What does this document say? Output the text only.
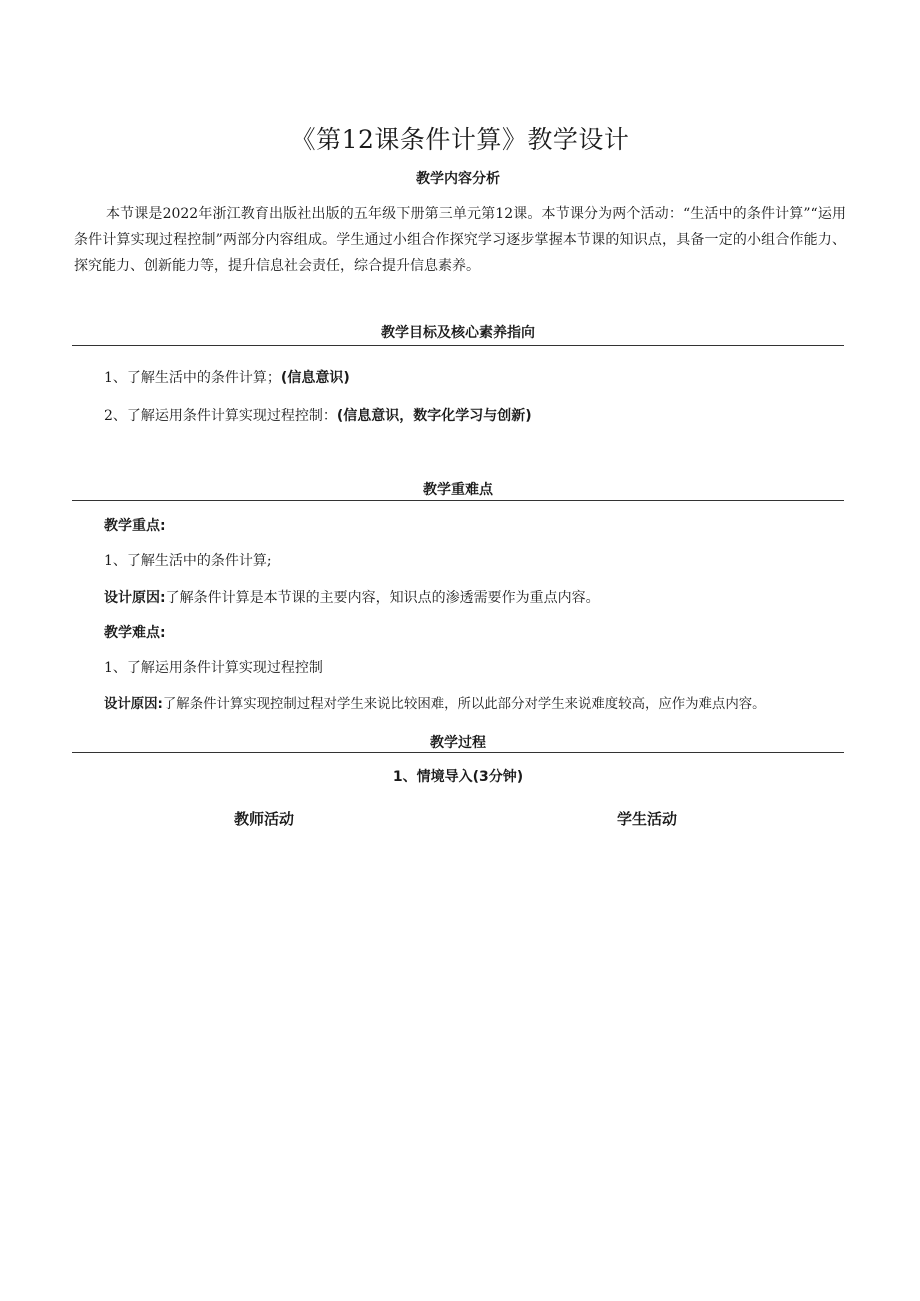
《第12课条件计算》教学设计
教学内容分析
本节课是2022年浙江教育出版社出版的五年级下册第三单元第12课。本节课分为两个活动：“生活中的条件计算”“运用条件计算实现过程控制”两部分内容组成。学生通过小组合作探究学习逐步掌握本节课的知识点，具备一定的小组合作能力、探究能力、创新能力等，提升信息社会责任，综合提升信息素养。
教学目标及核心素养指向
1、了解生活中的条件计算；(信息意识)
2、了解运用条件计算实现过程控制：(信息意识，数字化学习与创新)
教学重难点
教学重点:
1、了解生活中的条件计算;
设计原因:了解条件计算是本节课的主要内容，知识点的渗透需要作为重点内容。
教学难点:
1、了解运用条件计算实现过程控制
设计原因:了解条件计算实现控制过程对学生来说比较困难，所以此部分对学生来说难度较高，应作为难点内容。
教学过程
1、情境导入(3分钟)
教师活动	学生活动
